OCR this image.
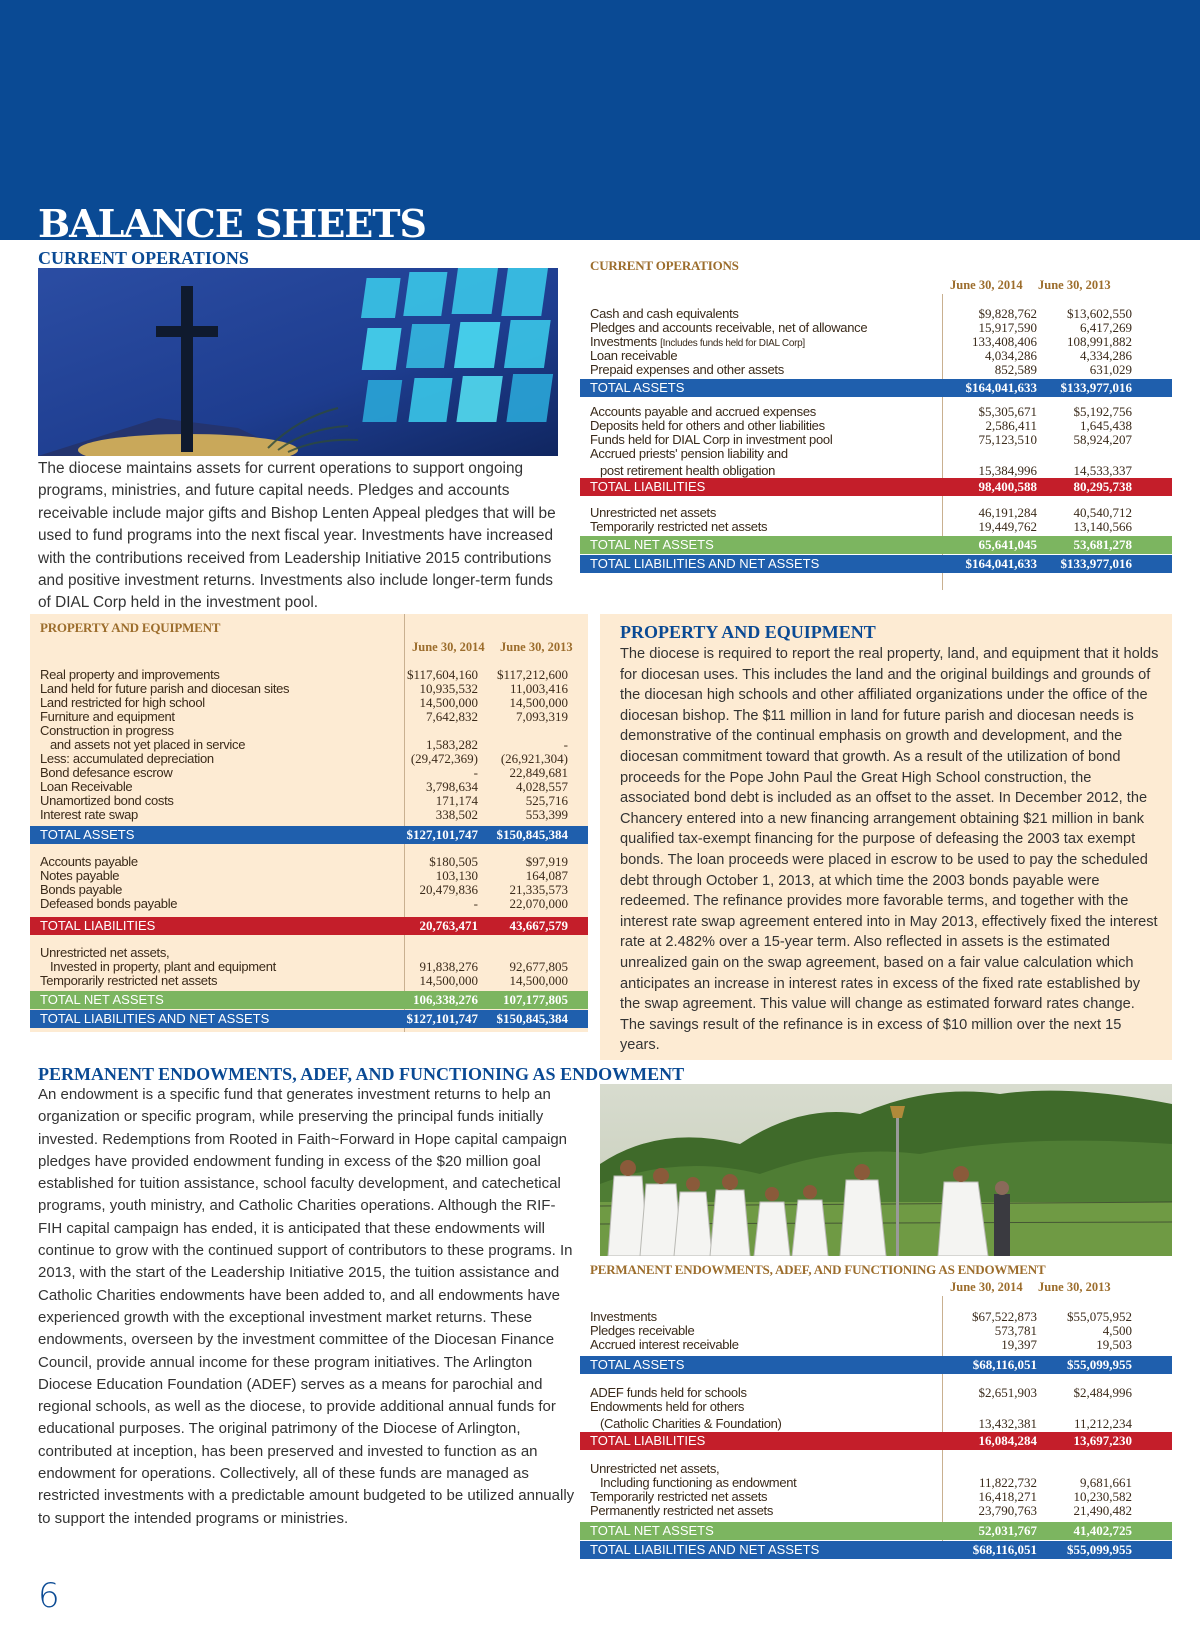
BALANCE SHEETS
CURRENT OPERATIONS
The diocese maintains assets for current operations to support ongoing programs, ministries, and future capital needs. Pledges and accounts receivable include major gifts and Bishop Lenten Appeal pledges that will be used to fund programs into the next fiscal year. Investments have increased with the contributions received from Leadership Initiative 2015 contributions and positive investment returns. Investments also include longer-term funds of DIAL Corp held in the investment pool.
CURRENT OPERATIONS
June 30, 2014 June 30, 2013
Cash and cash equivalents	$9,828,762 $13,602,550
Pledges and accounts receivable, net of allowance	15,917,590	6,417,269
Investments [Includes funds held for DIAL Corp]	133,408,406 108,991,882
Loan receivable	4,034,286	4,334,286
Prepaid expenses and other assets	852,589	631,029
TOTAL ASSETS	$164,041,633 $133,977,016
Accounts payable and accrued expenses	$5,305,671	$5,192,756
Deposits held for others and other liabilities	2,586,411	1,645,438
Funds held for DIAL Corp in investment pool	75,123,510	58,924,207
Accrued priests' pension liability and
post retirement health obligation	15,384,996	14,533,337
TOTAL LIABILITIES	98,400,588	80,295,738
Unrestricted net assets	46,191,284	40,540,712
Temporarily restricted net assets	19,449,762	13,140,566
TOTAL NET ASSETS	65,641,045	53,681,278
TOTAL LIABILITIES AND NET ASSETS	$164,041,633 $133,977,016
PROPERTY AND EQUIPMENT
June 30, 2014 June 30, 2013
Real property and improvements	$117,604,160 $117,212,600
Land held for future parish and diocesan sites	10,935,532 11,003,416
Land restricted for high school	14,500,000 14,500,000
Furniture and equipment	7,642,832	7,093,319
Construction in progress
and assets not yet placed in service	1,583,282	-
Less: accumulated depreciation	(29,472,369) (26,921,304)
Bond defesance escrow	- 22,849,681
Loan Receivable	3,798,634	4,028,557
Unamortized bond costs	171,174	525,716
Interest rate swap	338,502	553,399
TOTAL ASSETS	$127,101,747 $150,845,384
Accounts payable	$180,505	$97,919
Notes payable	103,130	164,087
Bonds payable	20,479,836 21,335,573
Defeased bonds payable	- 22,070,000
TOTAL LIABILITIES	20,763,471 43,667,579
Unrestricted net assets,
Invested in property, plant and equipment	91,838,276 92,677,805
Temporarily restricted net assets	14,500,000 14,500,000
TOTAL NET ASSETS	106,338,276 107,177,805
TOTAL LIABILITIES AND NET ASSETS	$127,101,747 $150,845,384
PROPERTY AND EQUIPMENT
The diocese is required to report the real property, land, and equipment that it holds for diocesan uses. This includes the land and the original buildings and grounds of the diocesan high schools and other affiliated organizations under the office of the diocesan bishop. The $11 million in land for future parish and diocesan needs is demonstrative of the continual emphasis on growth and development, and the diocesan commitment toward that growth. As a result of the utilization of bond proceeds for the Pope John Paul the Great High School construction, the associated bond debt is included as an offset to the asset. In December 2012, the Chancery entered into a new financing arrangement obtaining $21 million in bank qualified tax-exempt financing for the purpose of defeasing the 2003 tax exempt bonds. The loan proceeds were placed in escrow to be used to pay the scheduled debt through October 1, 2013, at which time the 2003 bonds payable were redeemed. The refinance provides more favorable terms, and together with the interest rate swap agreement entered into in May 2013, effectively fixed the interest rate at 2.482% over a 15-year term. Also reflected in assets is the estimated unrealized gain on the swap agreement, based on a fair value calculation which anticipates an increase in interest rates in excess of the fixed rate established by the swap agreement. This value will change as estimated forward rates change. The savings result of the refinance is in excess of $10 million over the next 15 years.
PERMANENT ENDOWMENTS, ADEF, AND FUNCTIONING AS ENDOWMENT
An endowment is a specific fund that generates investment returns to help an organization or specific program, while preserving the principal funds initially invested. Redemptions from Rooted in Faith~Forward in Hope capital campaign pledges have provided endowment funding in excess of the $20 million goal established for tuition assistance, school faculty development, and catechetical programs, youth ministry, and Catholic Charities operations. Although the RIF-FIH capital campaign has ended, it is anticipated that these endowments will continue to grow with the continued support of contributors to these programs. In 2013, with the start of the Leadership Initiative 2015, the tuition assistance and Catholic Charities endowments have been added to, and all endowments have experienced growth with the exceptional investment market returns. These endowments, overseen by the investment committee of the Diocesan Finance Council, provide annual income for these program initiatives. The Arlington Diocese Education Foundation (ADEF) serves as a means for parochial and regional schools, as well as the diocese, to provide additional annual funds for educational purposes. The original patrimony of the Diocese of Arlington, contributed at inception, has been preserved and invested to function as an endowment for operations. Collectively, all of these funds are managed as restricted investments with a predictable amount budgeted to be utilized annually to support the intended programs or ministries.
PERMANENT ENDOWMENTS, ADEF, AND FUNCTIONING AS ENDOWMENT
June 30, 2014 June 30, 2013
Investments	$67,522,873 $55,075,952
Pledges receivable	573,781	4,500
Accrued interest receivable	19,397	19,503
TOTAL ASSETS	$68,116,051 $55,099,955
ADEF funds held for schools	$2,651,903	$2,484,996
Endowments held for others
(Catholic Charities & Foundation)	13,432,381	11,212,234
TOTAL LIABILITIES	16,084,284	13,697,230
Unrestricted net assets,
Including functioning as endowment	11,822,732	9,681,661
Temporarily restricted net assets	16,418,271	10,230,582
Permanently restricted net assets	23,790,763	21,490,482
TOTAL NET ASSETS	52,031,767	41,402,725
TOTAL LIABILITIES AND NET ASSETS	$68,116,051 $55,099,955
6
